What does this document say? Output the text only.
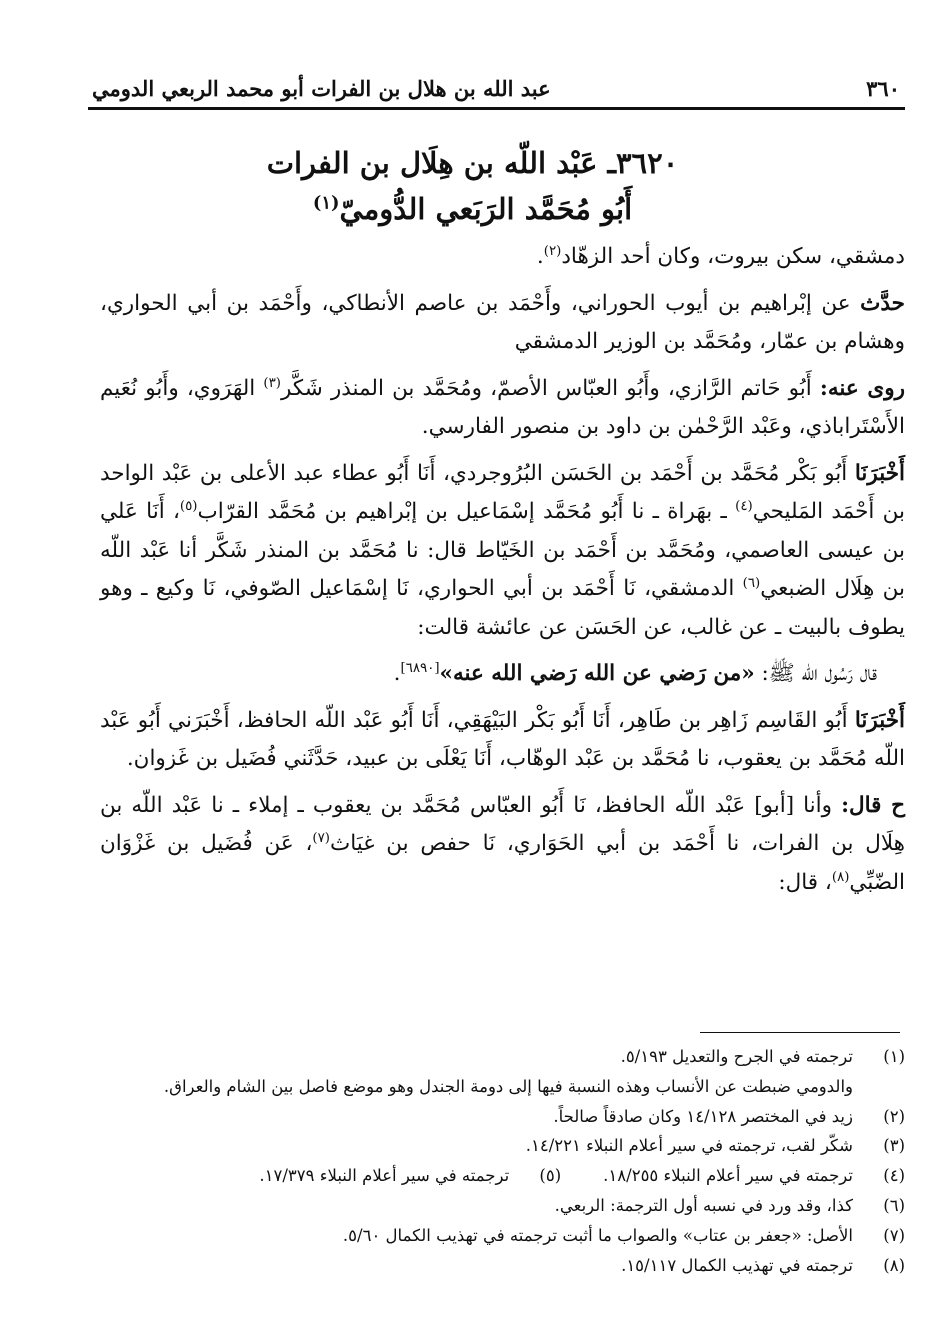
٣٦٠
عبد الله بن هلال بن الفرات أبو محمد الربعي الدومي
٣٦٢٠ـ عَبْد اللّه بن هِلَال بن الفرات
أَبُو مُحَمَّد الرَبَعي الدُّوميّ$^{(١)}$

دمشقي، سكن بيروت، وكان أحد الزهّاد$^{(٢)}$.

حدَّث عن إبْراهيم بن أيوب الحوراني، وأَحْمَد بن عاصم الأنطاكي، وأَحْمَد بن أبي الحواري، وهشام بن عمّار، ومُحَمَّد بن الوزير الدمشقي

روى عنه: أَبُو حَاتم الرَّازي، وأَبُو العبّاس الأصمّ، ومُحَمَّد بن المنذر شَكَّر$^{(٣)}$ الهَرَوي، وأَبُو نُعَيم الأَسْتَراباذي، وعَبْد الرَّحْمٰن بن داود بن منصور الفارسي.

أَخْبَرَنَا أَبُو بَكْر مُحَمَّد بن أَحْمَد بن الحَسَن البُرُوجردي، أَنَا أَبُو عطاء عبد الأعلى بن عَبْد الواحد بن أَحْمَد المَليحي$^{(٤)}$ ـ بهَراة ـ نا أَبُو مُحَمَّد إسْمَاعيل بن إبْراهيم بن مُحَمَّد القرّاب$^{(٥)}$، أَنَا عَلي بن عيسى العاصمي، ومُحَمَّد بن أَحْمَد بن الخَيّاط قال: نا مُحَمَّد بن المنذر شَكَّر أنا عَبْد اللّه بن هِلَال الضبعي$^{(٦)}$ الدمشقي، نَا أَحْمَد بن أبي الحواري، نَا إسْمَاعيل الصّوفي، نَا وكيع ـ وهو يطوف بالبيت ـ عن غالب، عن الحَسَن عن عائشة قالت:

قال رَسُول اللّه ﷺ: «من رَضي عن الله رَضي الله عنه»[٦٨٩٠].

أَخْبَرَنَا أَبُو القَاسِم زَاهِر بن طَاهِر، أَنَا أَبُو بَكْر البَيْهَقِي، أَنَا أَبُو عَبْد اللّه الحافظ، أَخْبَرَني أَبُو عَبْد اللّه مُحَمَّد بن يعقوب، نا مُحَمَّد بن عَبْد الوهّاب، أَنَا يَعْلَى بن عبيد، حَدَّثَني فُضَيل بن غَزوان.

ح قال: وأنا [أبو] عَبْد اللّه الحافظ، نَا أَبُو العبّاس مُحَمَّد بن يعقوب ـ إملاء ـ نا عَبْد اللّه بن هِلَال بن الفرات، نا أَحْمَد بن أبي الحَوَاري، نَا حفص بن غيَاث$^{(٧)}$، عَن فُضَيل بن غَزْوَان الضّبِّي$^{(٨)}$، قال:

(١)
ترجمته في الجرح والتعديل ٥/١٩٣.
والدومي ضبطت عن الأنساب وهذه النسبة فيها إلى دومة الجندل وهو موضع فاصل بين الشام والعراق.
(٢)
زيد في المختصر ١٤/١٢٨ وكان صادقاً صالحاً.
(٣)
شكّر لقب، ترجمته في سير أعلام النبلاء ١٤/٢٢١.
(٤)
ترجمته في سير أعلام النبلاء ١٨/٢٥٥.
(٥)
ترجمته في سير أعلام النبلاء ١٧/٣٧٩.
(٦)
كذا، وقد ورد في نسبه أول الترجمة: الربعي.
(٧)
الأصل: «جعفر بن عتاب» والصواب ما أثبت ترجمته في تهذيب الكمال ٥/٦٠.
(٨)
ترجمته في تهذيب الكمال ١٥/١١٧.
